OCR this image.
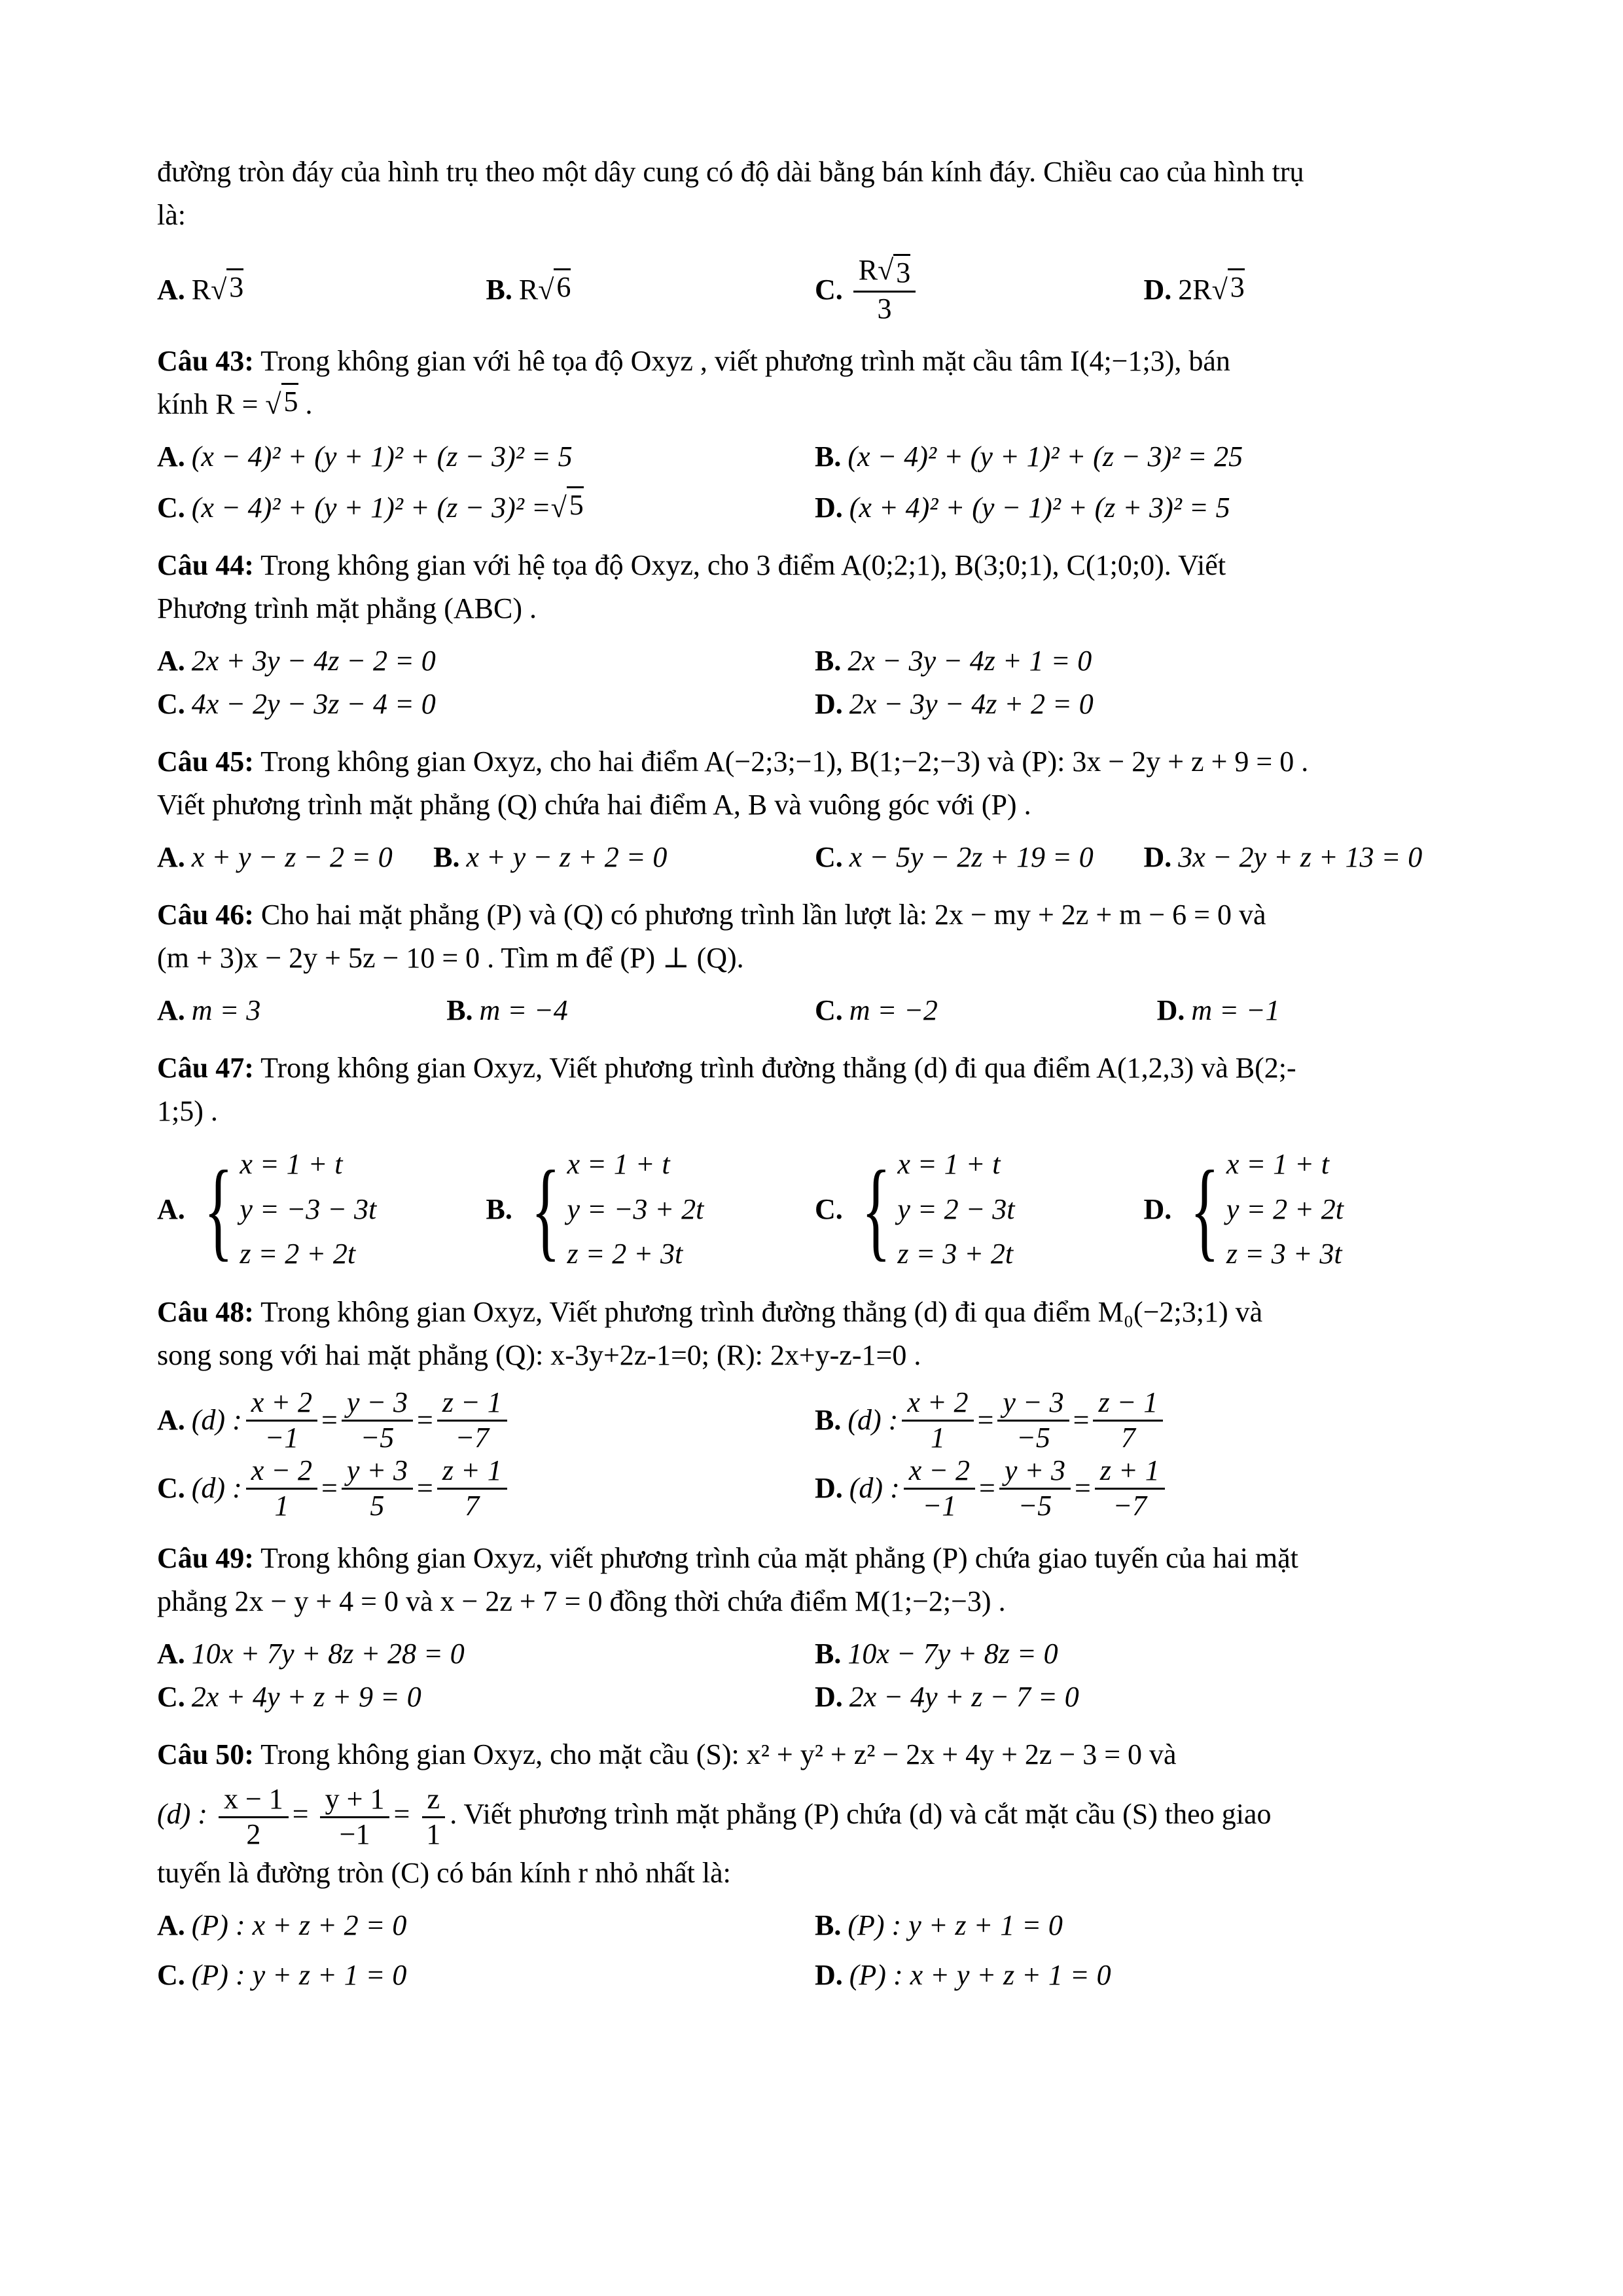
đường tròn đáy của hình trụ theo một dây cung có độ dài bằng bán kính đáy. Chiều cao của hình trụ
là:

A. R √ 3	B. R √ 6	C. $\frac{R √ 3}{3}$	D. 2R √ 3

Câu 43: Trong không gian với hê tọa độ Oxyz , viết phương trình mặt cầu tâm I(4;−1;3), bán
kính R = √ 5 .

A. (x − 4)² + (y + 1)² + (z − 3)² = 5	B. (x − 4)² + (y + 1)² + (z − 3)² = 25
C. (x − 4)² + (y + 1)² + (z − 3)² = √ 5	D. (x + 4)² + (y − 1)² + (z + 3)² = 5

Câu 44: Trong không gian với hệ tọa độ Oxyz, cho 3 điểm A(0;2;1), B(3;0;1), C(1;0;0). Viết
Phương trình mặt phẳng (ABC) .

A. 2x + 3y − 4z − 2 = 0	B. 2x − 3y − 4z + 1 = 0
C. 4x − 2y − 3z − 4 = 0	D. 2x − 3y − 4z + 2 = 0

Câu 45: Trong không gian Oxyz, cho hai điểm A(−2;3;−1), B(1;−2;−3) và (P): 3x − 2y + z + 9 = 0 .
Viết phương trình mặt phẳng (Q) chứa hai điểm A, B và vuông góc với (P) .

A. x + y − z − 2 = 0 B. x + y − z + 2 = 0	C. x − 5y − 2z + 19 = 0 D. 3x − 2y + z + 13 = 0

Câu 46: Cho hai mặt phẳng (P) và (Q) có phương trình lần lượt là: 2x − my + 2z + m − 6 = 0 và
(m + 3)x − 2y + 5z − 10 = 0 . Tìm m để (P) ⊥ (Q).

A. m = 3	B. m = −4	C. m = −2	D. m = −1

Câu 47: Trong không gian Oxyz, Viết phương trình đường thẳng (d) đi qua điểm A(1,2,3) và B(2;-
1;5) .

A. { x = 1 + t
y = −3 − 3t
z = 2 + 2t
B. { x = 1 + t
y = −3 + 2t
z = 2 + 3t
C. { x = 1 + t
y = 2 − 3t
z = 3 + 2t
D. { x = 1 + t
y = 2 + 2t
z = 3 + 3t

Câu 48: Trong không gian Oxyz, Viết phương trình đường thẳng (d) đi qua điểm M₀(−2;3;1) và
song song với hai mặt phẳng (Q): x-3y+2z-1=0; (R): 2x+y-z-1=0 .

A. (d) : $\frac{x + 2}{-1} = \frac{y - 3}{-5} = \frac{z - 1}{-7}$	B. (d) : $\frac{x + 2}{1} = \frac{y - 3}{-5} = \frac{z - 1}{7}$
C. (d) : $\frac{x - 2}{1} = \frac{y + 3}{5} = \frac{z + 1}{7}$	D. (d) : $\frac{x - 2}{-1} = \frac{y + 3}{-5} = \frac{z + 1}{-7}$

Câu 49: Trong không gian Oxyz, viết phương trình của mặt phẳng (P) chứa giao tuyến của hai mặt
phẳng 2x − y + 4 = 0 và x − 2z + 7 = 0 đồng thời chứa điểm M(1;−2;−3) .

A. 10x + 7y + 8z + 28 = 0	B. 10x − 7y + 8z = 0
C. 2x + 4y + z + 9 = 0	D. 2x − 4y + z − 7 = 0

Câu 50: Trong không gian Oxyz, cho mặt cầu (S): x² + y² + z² − 2x + 4y + 2z − 3 = 0 và

(d) : $\frac{x - 1}{2} = \frac{y + 1}{-1} = \frac{z}{1}$ . Viết phương trình mặt phẳng (P) chứa (d) và cắt mặt cầu (S) theo giao
tuyến là đường tròn (C) có bán kính r nhỏ nhất là:

A. (P) : x + z + 2 = 0	B. (P) : y + z + 1 = 0
C. (P) : y + z + 1 = 0	D. (P) : x + y + z + 1 = 0
